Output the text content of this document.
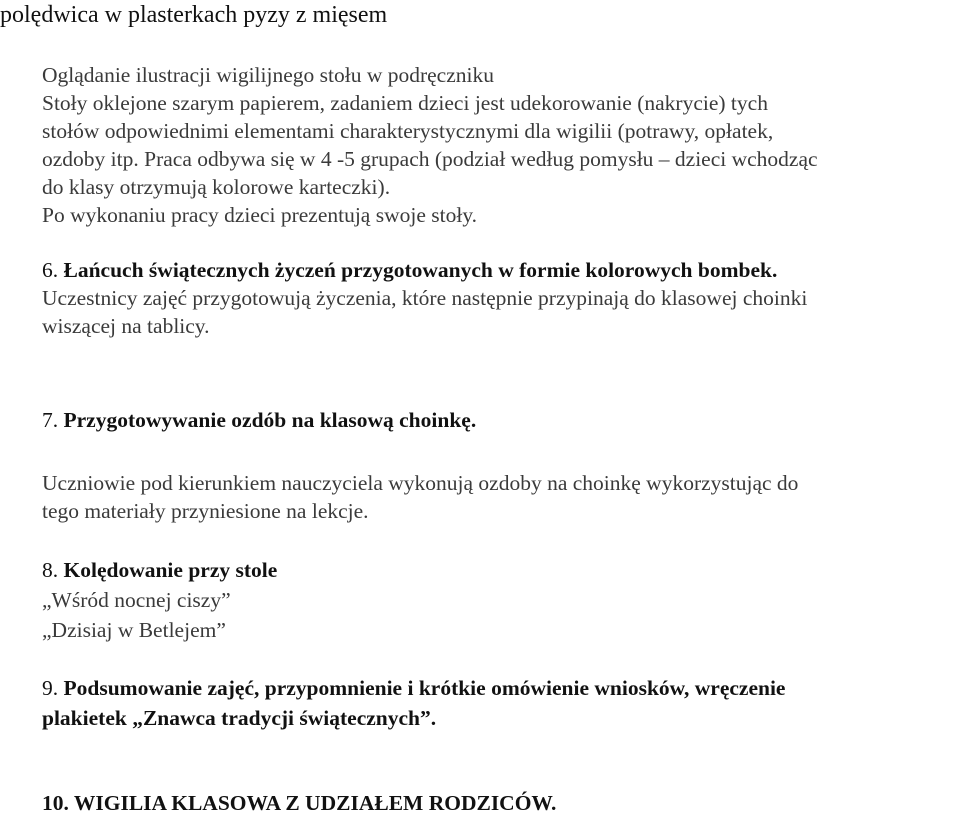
polędwica w plasterkach pyzy z mięsem
Oglądanie ilustracji wigilijnego stołu w podręczniku
Stoły oklejone szarym papierem, zadaniem dzieci jest udekorowanie (nakrycie) tych
stołów odpowiednimi elementami charakterystycznymi dla wigilii (potrawy, opłatek,
ozdoby itp. Praca odbywa się w 4 -5 grupach (podział według pomysłu – dzieci wchodząc
do klasy otrzymują kolorowe karteczki).
Po wykonaniu pracy dzieci prezentują swoje stoły.
6. Łańcuch świątecznych życzeń przygotowanych w formie kolorowych bombek.
Uczestnicy zajęć przygotowują życzenia, które następnie przypinają do klasowej choinki
wiszącej na tablicy.
7. Przygotowywanie ozdób na klasową choinkę.
Uczniowie pod kierunkiem nauczyciela wykonują ozdoby na choinkę wykorzystując do
tego materiały przyniesione na lekcje.
8. Kolędowanie przy stole
„Wśród nocnej ciszy”
„Dzisiaj w Betlejem”
9. Podsumowanie zajęć, przypomnienie i krótkie omówienie wniosków, wręczenie
plakietek „Znawca tradycji świątecznych”.
10. WIGILIA KLASOWA Z UDZIAŁEM RODZICÓW.
